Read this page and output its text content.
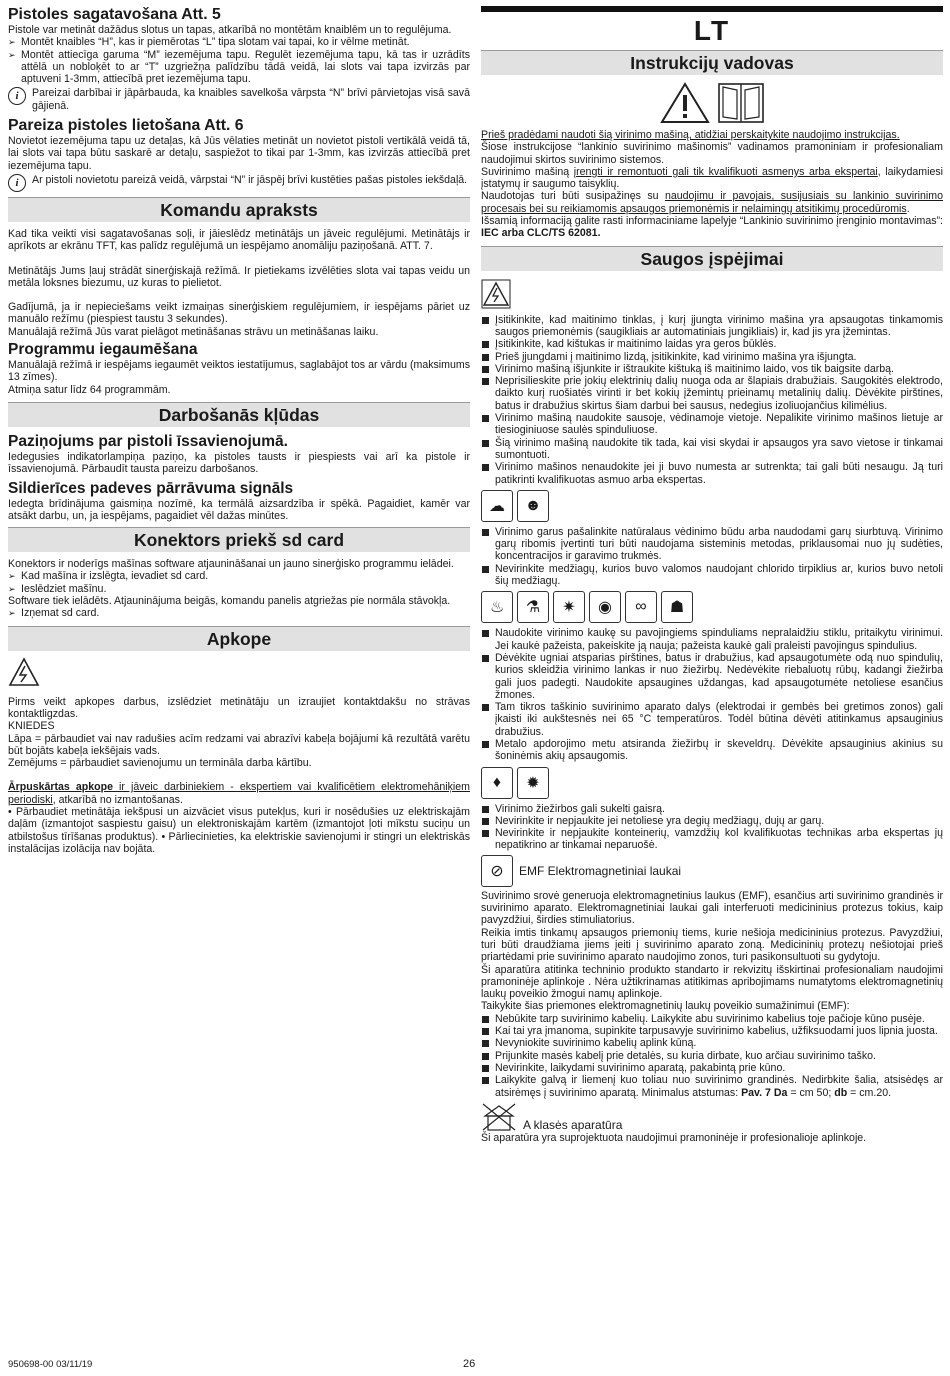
Pistoles sagatavošana Att. 5

Pistole var metināt dažādus slotus un tapas, atkarībā no montētām knaiblēm un to regulējuma.

➢ Montēt knaibles “H”, kas ir piemērotas “L” tipa slotam vai tapai, ko ir vēlme metināt.

➢ Montēt attiecīga garuma “M” iezemējuma tapu. Regulēt iezemējuma tapu, kā tas ir uzrādīts attēlā un nobloķēt to ar “T” uzgriežņa palīdzību tādā veidā, lai slots vai tapa izvirzās par aptuveni 1-3mm, attiecībā pret iezemējuma tapu.

i	Pareizai darbībai ir jāpārbauda, ka knaibles savelkoša vārpsta “N” brīvi pārvietojas visā savā gājienā.

Pareiza pistoles lietošana Att. 6

Novietot iezemējuma tapu uz detaļas, kā Jūs vēlaties metināt un novietot pistoli vertikālā veidā tā, lai slots vai tapa būtu saskarē ar detaļu, saspiežot to tikai par 1-3mm, kas izvirzās attiecībā pret iezemējuma tapu.

i	Ar pistoli novietotu pareizā veidā, vārpstai “N” ir jāspēj brīvi kustēties pašas pistoles iekšdaļā.

Komandu apraksts

Kad tika veikti visi sagatavošanas soļi, ir jāieslēdz metinātājs un jāveic regulējumi. Metinātājs ir aprīkots ar ekrānu TFT, kas palīdz regulējumā un iespējamo anomāliju paziņošanā. ATT. 7.

Metinātājs Jums ļauj strādāt sinerģiskajā režīmā. Ir pietiekams izvēlēties slota vai tapas veidu un metāla loksnes biezumu, uz kuras to pielietot.

Gadījumā, ja ir nepieciešams veikt izmaiņas sinerģiskiem regulējumiem, ir iespējams pāriet uz manuālo režīmu (piespiest taustu 3 sekundes).

Manuālajā režīmā Jūs varat pielāgot metināšanas strāvu un metināšanas laiku.

Programmu iegaumēšana

Manuālajā režīmā ir iespējams iegaumēt veiktos iestatījumus, saglabājot tos ar vārdu (maksimums 13 zīmes).

Atmiņa satur līdz 64 programmām.

Darbošanās kļūdas
Paziņojums par pistoli īssavienojumā.

Iedegusies indikatorlampiņa paziņo, ka pistoles tausts ir piespiests vai arī ka pistole ir īssavienojumā. Pārbaudīt tausta pareizu darbošanos.

Sildierīces padeves pārrāvuma signāls

Iedegta brīdinājuma gaismiņa nozīmē, ka termālā aizsardzība ir spēkā. Pagaidiet, kamēr var atsākt darbu, un, ja iespējams, pagaidiet vēl dažas minūtes.

Konektors priekš sd card

Konektors ir noderīgs mašīnas software atjaunināšanai un jauno sinerģisko programmu ielādei.

➢ Kad mašīna ir izslēgta, ievadiet sd card.

➢ Ieslēdziet mašīnu.

Software tiek ielādēts. Atjauninājuma beigās, komandu panelis atgriežas pie normāla stāvokļa.

➢ Izņemat sd card.

Apkope

Pirms veikt apkopes darbus, izslēdziet metinātāju un izraujiet kontaktdakšu no strāvas kontaktligzdas.

KNIEDES

Lāpa = pārbaudiet vai nav radušies acīm redzami vai abrazīvi kabeļa bojājumi kā rezultātā varētu būt bojāts kabeļa iekšējais vads.

Zemējums = pārbaudiet savienojumu un termināla darba kārtību.

Ārpuskārtas apkope ir jāveic darbiniekiem - ekspertiem vai kvalificētiem elektromehāniķiem periodiski, atkarībā no izmantošanas.

• Pārbaudiet metinātāja iekšpusi un aizvāciet visus putekļus, kuri ir nosēdušies uz elektriskajām daļām (izmantojot saspiestu gaisu) un elektroniskajām kartēm (izmantojot ļoti mīkstu suciņu un atbilstošus tīrīšanas produktus). • Pārliecinieties, ka elektriskie savienojumi ir stingri un elektriskās instalācijas izolācija nav bojāta.

LT
Instrukcijų vadovas

Prieš pradėdami naudoti šią virinimo mašiną, atidžiai perskaitykite naudojimo instrukcijas.

Šiose instrukcijose “lankinio suvirinimo mašinomis” vadinamos pramoniniam ir profesionaliam naudojimui skirtos suvirinimo sistemos.

Suvirinimo mašiną įrengti ir remontuoti gali tik kvalifikuoti asmenys arba ekspertai, laikydamiesi įstatymų ir saugumo taisyklių.

Naudotojas turi būti susipažinęs su naudojimu ir pavojais, susijusiais su lankinio suvirinimo procesais bei su reikiamomis apsaugos priemonėmis ir nelaimingų atsitikimų procedūromis.

Išsamią informaciją galite rasti informaciniame lapelyje “Lankinio suvirinimo įrenginio montavimas”: IEC arba CLC/TS 62081.

Saugos įspėjimai

Įsitikinkite, kad maitinimo tinklas, į kurį įjungta virinimo mašina yra apsaugotas tinkamomis saugos priemonėmis (saugikliais ar automatiniais jungikliais) ir, kad jis yra įžemintas.

Įsitikinkite, kad kištukas ir maitinimo laidas yra geros būklės.

Prieš įjungdami į maitinimo lizdą, įsitikinkite, kad virinimo mašina yra išjungta.

Virinimo mašiną išjunkite ir ištraukite kištuką iš maitinimo laido, vos tik baigsite darbą.

Neprisilieskite prie jokių elektrinių dalių nuoga oda ar šlapiais drabužiais. Saugokitės elektrodo, daikto kurį ruošiatės virinti ir bet kokių įžemintų prieinamų metalinių dalių. Dėvėkite pirštines, batus ir drabužius skirtus šiam darbui bei sausus, nedegius izoliuojančius kilimėlius.

Virinimo mašiną naudokite sausoje, vėdinamoje vietoje. Nepalikite virinimo mašinos lietuje ar tiesioginiuose saulės spinduliuose.

Šią virinimo mašiną naudokite tik tada, kai visi skydai ir apsaugos yra savo vietose ir tinkamai sumontuoti.

Virinimo mašinos nenaudokite jei ji buvo numesta ar sutrenkta; tai gali būti nesaugu. Ją turi patikrinti kvalifikuotas asmuo arba ekspertas.

☁	☻

Virinimo garus pašalinkite natūralaus vėdinimo būdu arba naudodami garų siurbtuvą. Virinimo garų ribomis įvertinti turi būti naudojama sisteminis metodas, priklausomai nuo jų sudėties, koncentracijos ir garavimo trukmės.

Nevirinkite medžiagų, kurios buvo valomos naudojant chlorido tirpiklius ar, kurios buvo netoli šių medžiagų.

♨	⚗	✷	◉	∞	☗

Naudokite virinimo kaukę su pavojingiems spinduliams nepralaidžiu stiklu, pritaikytu virinimui. Jei kaukė pažeista, pakeiskite ją nauja; pažeista kaukė gali praleisti pavojingus spindulius.

Dėvėkite ugniai atsparias pirštines, batus ir drabužius, kad apsaugotumėte odą nuo spindulių, kurios skleidžia virinimo lankas ir nuo žiežirbų. Nedėvėkite riebaluotų rūbų, kadangi žiežirba gali juos padegti. Naudokite apsaugines uždangas, kad apsaugotumėte netoliese esančius žmones.

Tam tikros taškinio suvirinimo aparato dalys (elektrodai ir gembės bei gretimos zonos) gali įkaisti iki aukštesnės nei 65 °C temperatūros. Todėl būtina dėvėti atitinkamus apsauginius drabužius.

Metalo apdorojimo metu atsiranda žiežirbų ir skeveldrų. Dėvėkite apsauginius akinius su šoninėmis akių apsaugomis.

♦	✹

Virinimo žiežirbos gali sukelti gaisrą.

Nevirinkite ir nepjaukite jei netoliese yra degių medžiagų, dujų ar garų.

Nevirinkite ir nepjaukite konteinerių, vamzdžių kol kvalifikuotas technikas arba ekspertas jų nepatikrino ar tinkamai neparuošė.

⊘	EMF Elektromagnetiniai laukai

Suvirinimo srovė generuoja elektromagnetinius laukus (EMF), esančius arti suvirinimo grandinės ir suvirinimo aparato. Elektromagnetiniai laukai gali interferuoti medicininius protezus tokius, kaip pavyzdžiui, širdies stimuliatorius.

Reikia imtis tinkamų apsaugos priemonių tiems, kurie nešioja medicininius protezus. Pavyzdžiui, turi būti draudžiama jiems įeiti į suvirinimo aparato zoną. Medicininių protezų nešiotojai prieš priartėdami prie suvirinimo aparato naudojimo zonos, turi pasikonsultuoti su gydytoju.

Ši aparatūra atitinka techninio produkto standarto ir rekvizitų išskirtinai profesionaliam naudojimi pramoninėje aplinkoje . Nėra užtikrinamas atitikimas apribojimams numatytoms elektromagnetinių laukų poveikio žmogui namų aplinkoje.

Taikykite šias priemones elektromagnetinių laukų poveikio sumažinimui (EMF):

Nebūkite tarp suvirinimo kabelių. Laikykite abu suvirinimo kabelius toje pačioje kūno pusėje.

Kai tai yra įmanoma, supinkite tarpusavyje suvirinimo kabelius, užfiksuodami juos lipnia juosta.

Nevyniokite suvirinimo kabelių aplink kūną.

Prijunkite masės kabelį prie detalės, su kuria dirbate, kuo arčiau suvirinimo taško.

Nevirinkite, laikydami suvirinimo aparatą, pakabintą prie kūno.

Laikykite galvą ir liemenį kuo toliau nuo suvirinimo grandinės. Nedirbkite šalia, atsisėdęs ar atsirėmęs į suvirinimo aparatą. Minimalus atstumas: Pav. 7 Da = cm 50; db = cm.20.

A klasės aparatūra

Ši aparatūra yra suprojektuota naudojimui pramoninėje ir profesionalioje aplinkoje.

950698-00 03/11/19	26
